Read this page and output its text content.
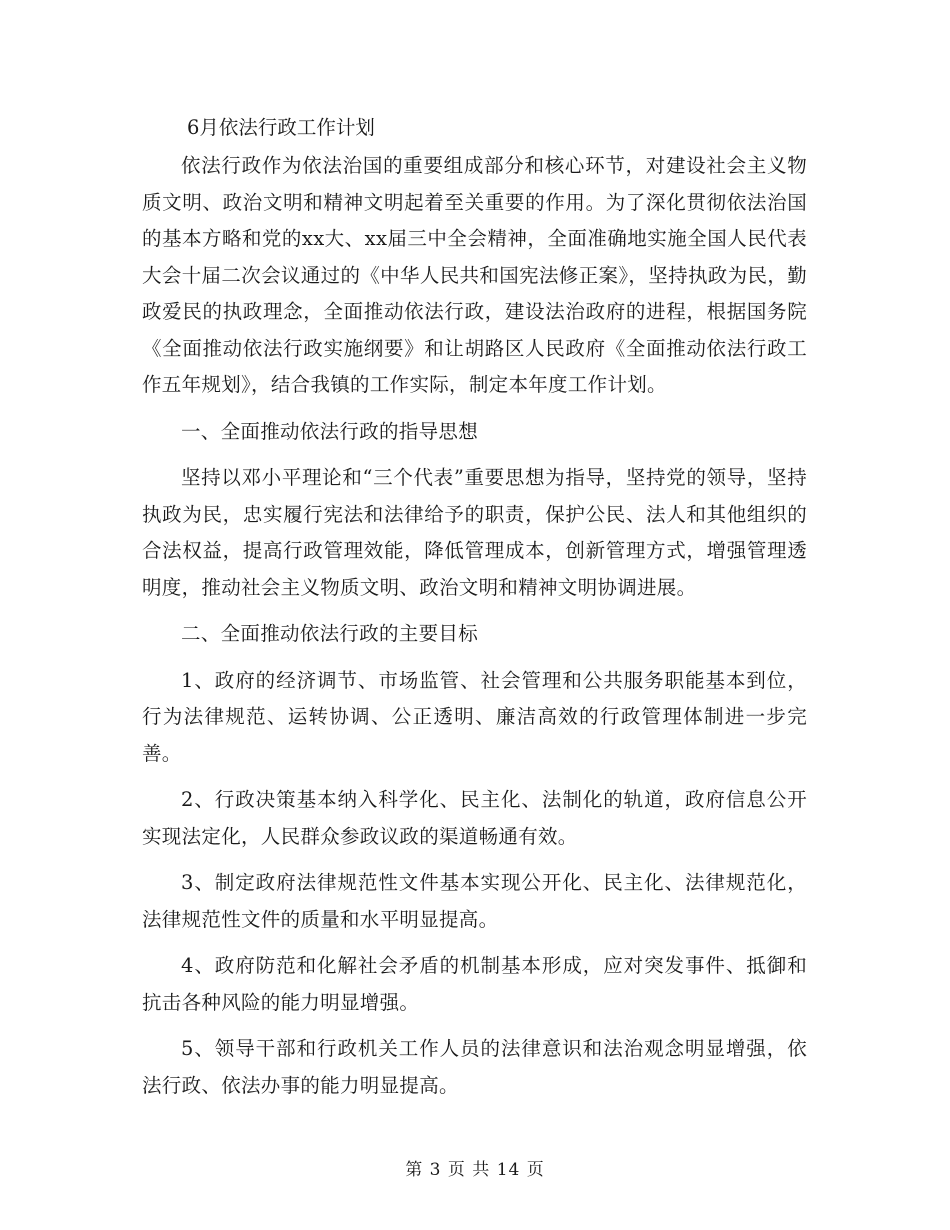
6月依法行政工作计划

依法行政作为依法治国的重要组成部分和核心环节，对建设社会主义物质文明、政治文明和精神文明起着至关重要的作用。为了深化贯彻依法治国的基本方略和党的xx大、xx届三中全会精神，全面准确地实施全国人民代表大会十届二次会议通过的《中华人民共和国宪法修正案》，坚持执政为民，勤政爱民的执政理念，全面推动依法行政，建设法治政府的进程，根据国务院《全面推动依法行政实施纲要》和让胡路区人民政府《全面推动依法行政工作五年规划》，结合我镇的工作实际，制定本年度工作计划。

一、全面推动依法行政的指导思想

坚持以邓小平理论和“三个代表”重要思想为指导，坚持党的领导，坚持执政为民，忠实履行宪法和法律给予的职责，保护公民、法人和其他组织的合法权益，提高行政管理效能，降低管理成本，创新管理方式，增强管理透明度，推动社会主义物质文明、政治文明和精神文明协调进展。

二、全面推动依法行政的主要目标

1、政府的经济调节、市场监管、社会管理和公共服务职能基本到位，行为法律规范、运转协调、公正透明、廉洁高效的行政管理体制进一步完善。

2、行政决策基本纳入科学化、民主化、法制化的轨道，政府信息公开实现法定化，人民群众参政议政的渠道畅通有效。

3、制定政府法律规范性文件基本实现公开化、民主化、法律规范化，法律规范性文件的质量和水平明显提高。

4、政府防范和化解社会矛盾的机制基本形成，应对突发事件、抵御和抗击各种风险的能力明显增强。

5、领导干部和行政机关工作人员的法律意识和法治观念明显增强，依法行政、依法办事的能力明显提高。

第 3 页 共 14 页
